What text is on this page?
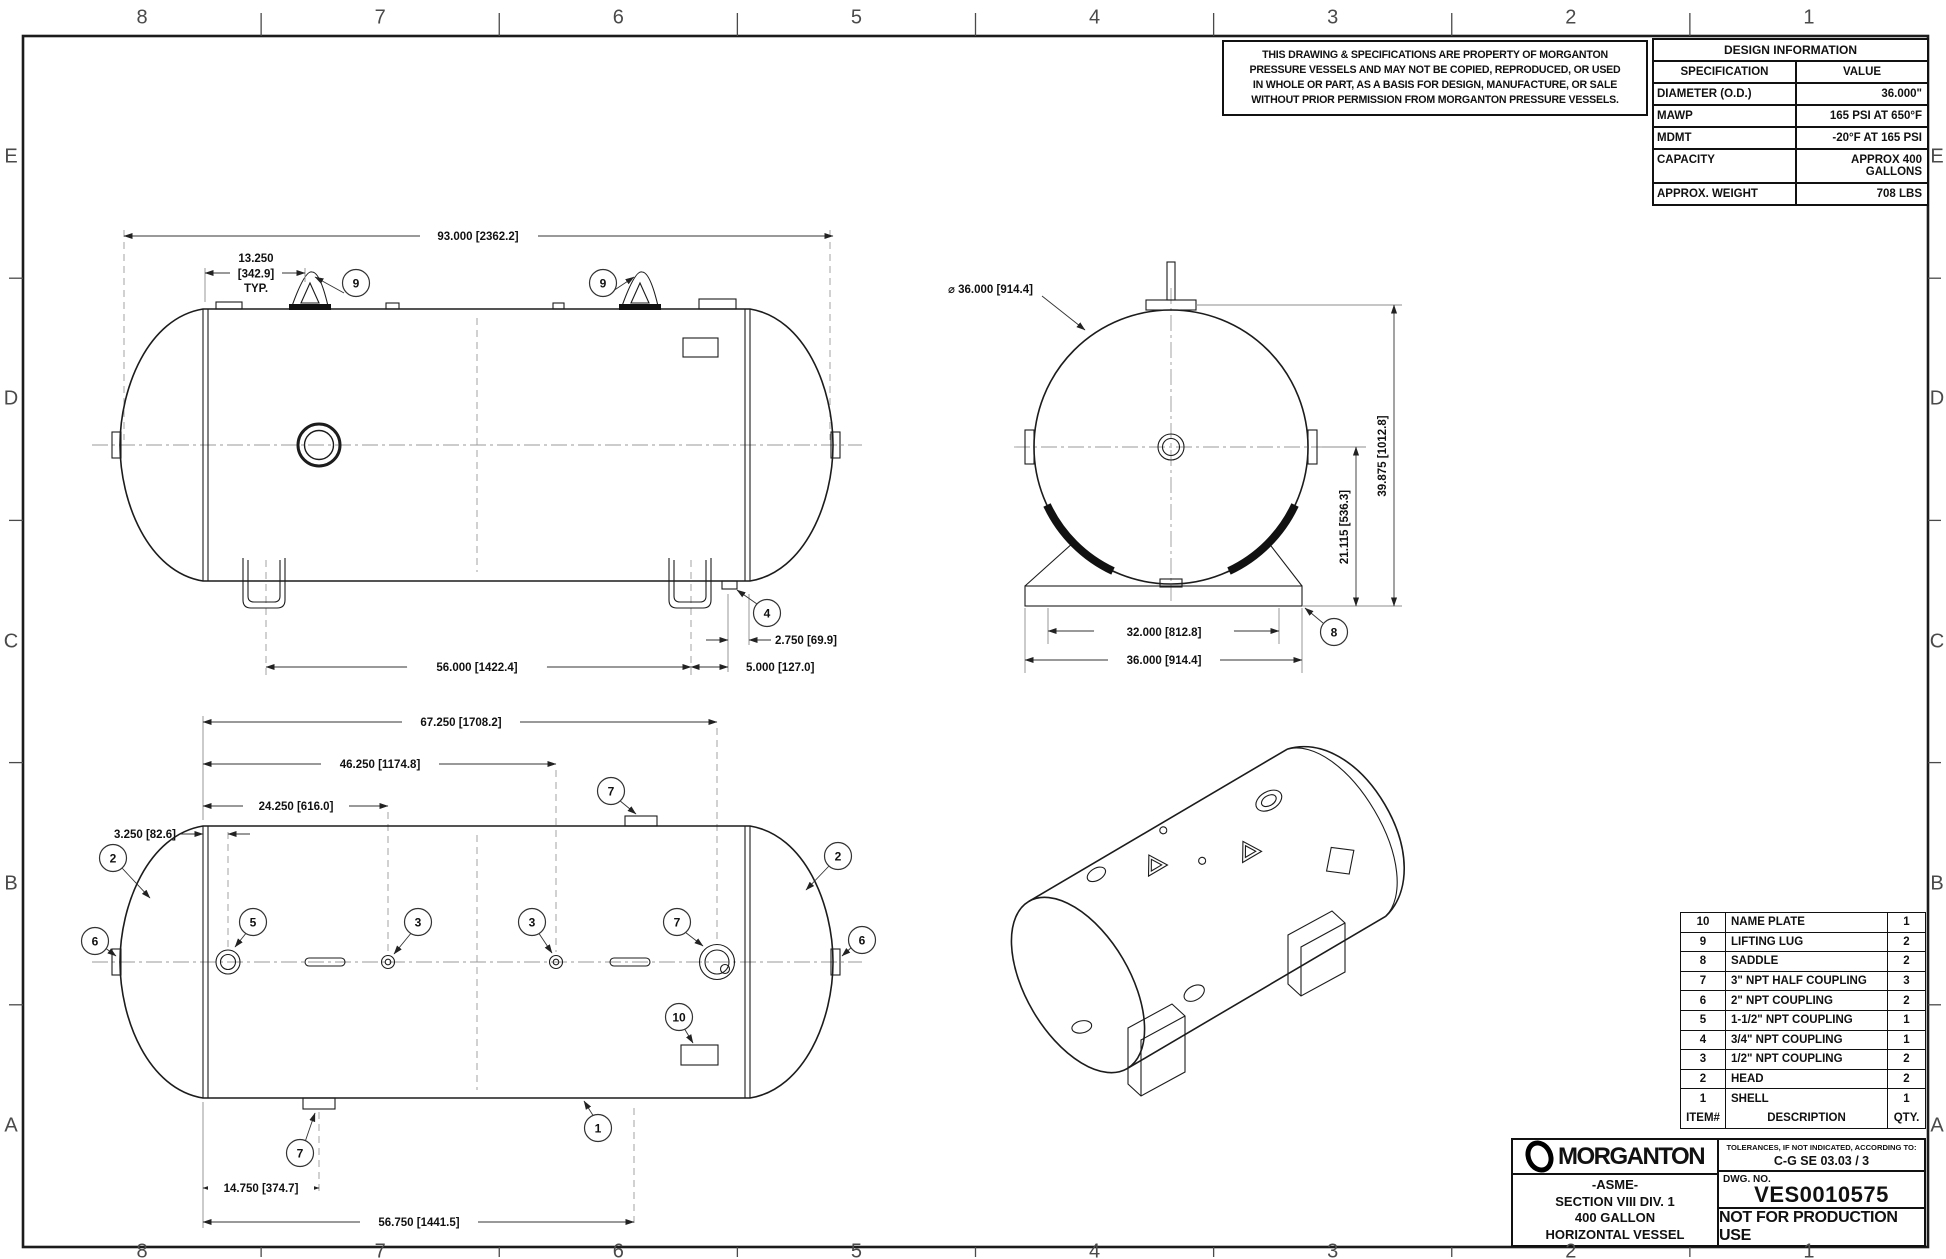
93.000 [2362.2]
13.250
[342.9]
TYP.
56.000 [1422.4]
2.750 [69.9]
5.000 [127.0]
9	9
4
⌀ 36.000 [914.4]
21.115 [536.3]
39.875 [1012.8]
32.000 [812.8]
36.000 [914.4]
8
67.250 [1708.2]
46.250 [1174.8]
24.250 [616.0]
3.250 [82.6]
14.750 [374.7]
56.750 [1441.5]
2
6
5	3	3
7
7
2
6
10
1
7
THIS DRAWING & SPECIFICATIONS ARE PROPERTY OF MORGANTON
PRESSURE VESSELS AND MAY NOT BE COPIED, REPRODUCED, OR USED
IN WHOLE OR PART, AS A BASIS FOR DESIGN, MANUFACTURE, OR SALE
WITHOUT PRIOR PERMISSION FROM MORGANTON PRESSURE VESSELS.
DESIGN INFORMATION
SPECIFICATION	VALUE
DIAMETER (O.D.)	36.000"
MAWP	165 PSI AT 650°F
MDMT	-20°F AT 165 PSI
CAPACITY	APPROX 400 GALLONS
APPROX. WEIGHT	708 LBS
10	NAME PLATE	1
9	LIFTING LUG	2
8	SADDLE	2
7	3" NPT HALF COUPLING	3
6	2" NPT COUPLING	2
5	1-1/2" NPT COUPLING	1
4	3/4" NPT COUPLING	1
3	1/2" NPT COUPLING	2
2	HEAD	2
1	SHELL	1
ITEM#	DESCRIPTION	QTY.
MORGANTON
-ASME-
SECTION VIII DIV. 1
400 GALLON
HORIZONTAL VESSEL
TOLERANCES, IF NOT INDICATED, ACCORDING TO:
C-G SE 03.03 / 3
DWG. NO.
VES0010575
NOT FOR PRODUCTION USE
8
8
7
7
6
6
5
5
4
4
3
3
2
2
1
1
E	E
D	D
C	C
B	B
A	A
